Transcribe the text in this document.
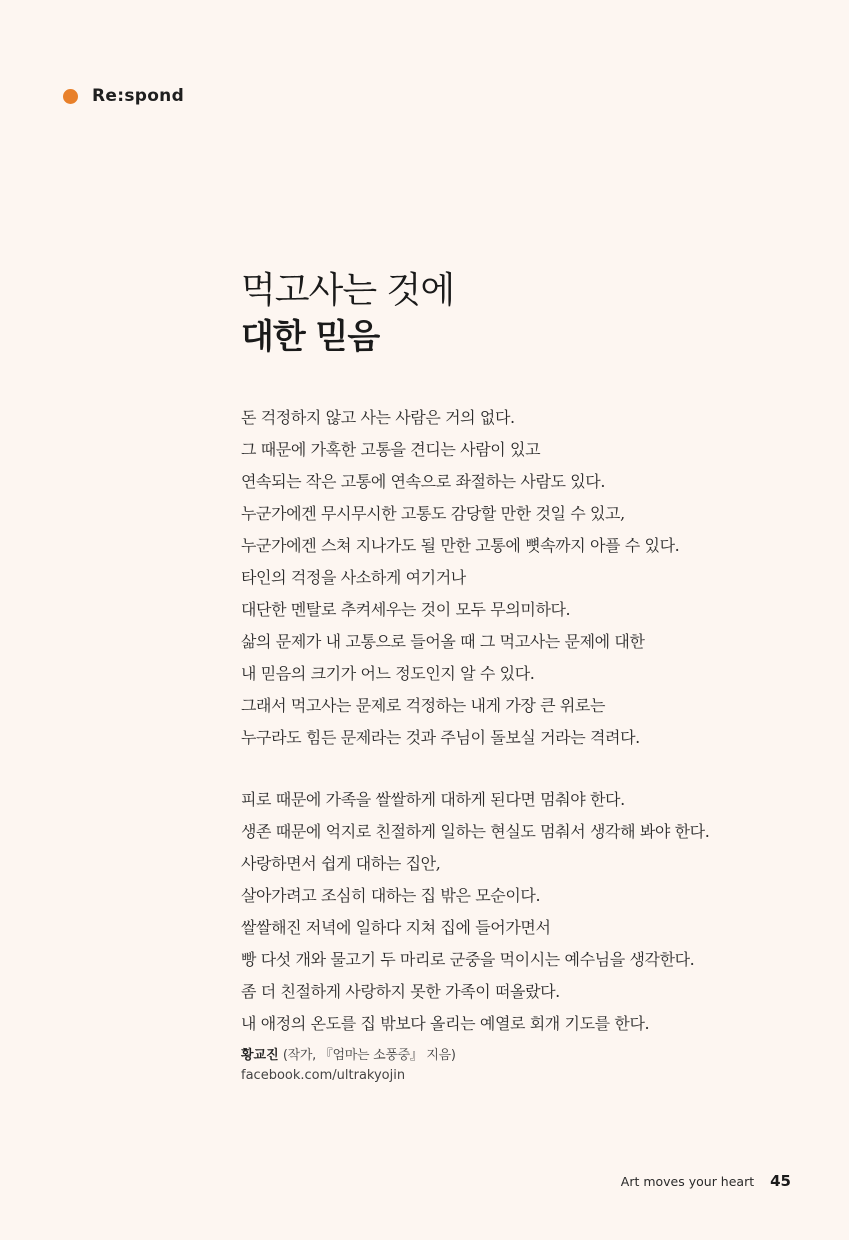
Re:spond
먹고사는 것에
대한 믿음

돈 걱정하지 않고 사는 사람은 거의 없다.
그 때문에 가혹한 고통을 견디는 사람이 있고
연속되는 작은 고통에 연속으로 좌절하는 사람도 있다.
누군가에겐 무시무시한 고통도 감당할 만한 것일 수 있고,
누군가에겐 스쳐 지나가도 될 만한 고통에 뼛속까지 아플 수 있다.
타인의 걱정을 사소하게 여기거나
대단한 멘탈로 추켜세우는 것이 모두 무의미하다.
삶의 문제가 내 고통으로 들어올 때 그 먹고사는 문제에 대한
내 믿음의 크기가 어느 정도인지 알 수 있다.
그래서 먹고사는 문제로 걱정하는 내게 가장 큰 위로는
누구라도 힘든 문제라는 것과 주님이 돌보실 거라는 격려다.

피로 때문에 가족을 쌀쌀하게 대하게 된다면 멈춰야 한다.
생존 때문에 억지로 친절하게 일하는 현실도 멈춰서 생각해 봐야 한다.
사랑하면서 쉽게 대하는 집안,
살아가려고 조심히 대하는 집 밖은 모순이다.
쌀쌀해진 저녁에 일하다 지쳐 집에 들어가면서
빵 다섯 개와 물고기 두 마리로 군중을 먹이시는 예수님을 생각한다.
좀 더 친절하게 사랑하지 못한 가족이 떠올랐다.
내 애정의 온도를 집 밖보다 올리는 예열로 회개 기도를 한다.

황교진 (작가, 『엄마는 소풍중』 지음)
facebook.com/ultrakyojin
Art moves your heart 45
